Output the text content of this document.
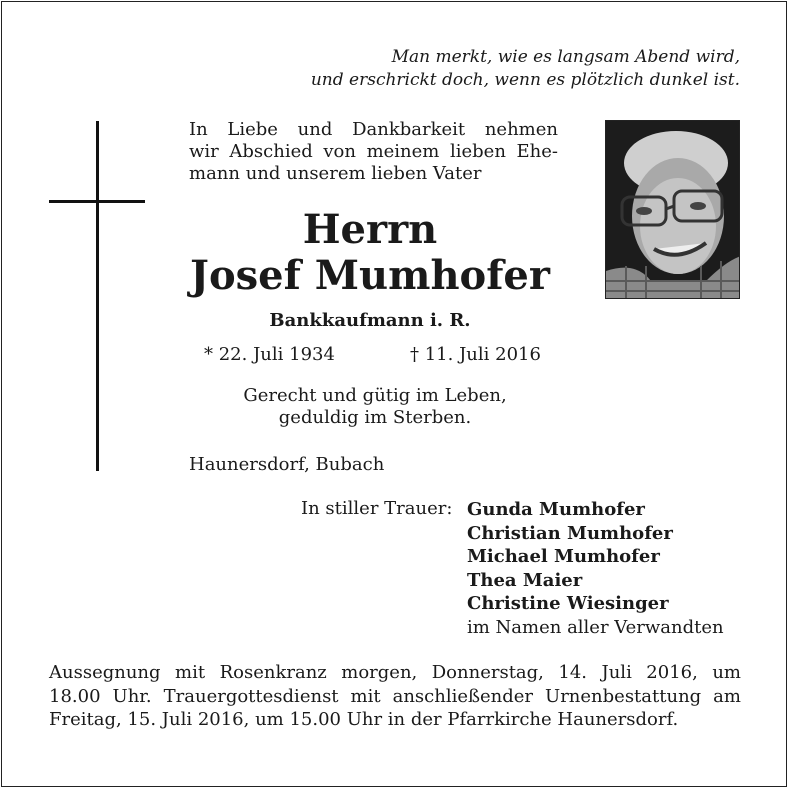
Man merkt, wie es langsam Abend wird,
und erschrickt doch, wenn es plötzlich dunkel ist.
In Liebe und Dankbarkeit nehmen
wir Abschied von meinem lieben Ehe-
mann und unserem lieben Vater
Herrn
Josef Mumhofer
Bankkaufmann i. R.
* 22. Juli 1934	† 11. Juli 2016
Gerecht und gütig im Leben,
geduldig im Sterben.
Haunersdorf, Bubach
In stiller Trauer: Gunda Mumhofer
Christian Mumhofer
Michael Mumhofer
Thea Maier
Christine Wiesinger
im Namen aller Verwandten
Aussegnung mit Rosenkranz morgen, Donnerstag, 14. Juli 2016, um
18.00 Uhr. Trauergottesdienst mit anschließender Urnenbestattung am
Freitag, 15. Juli 2016, um 15.00 Uhr in der Pfarrkirche Haunersdorf.
